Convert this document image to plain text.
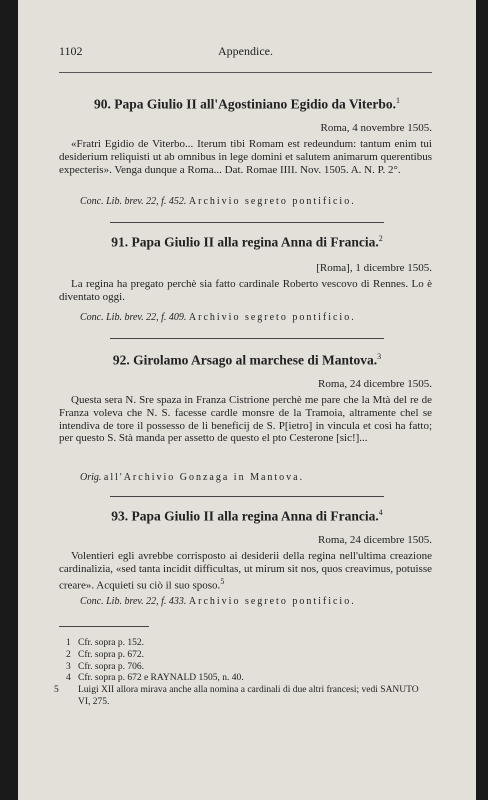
1102	Appendice.
90. Papa Giulio II all'Agostiniano Egidio da Viterbo.$^1$
Roma, 4 novembre 1505.

«Fratri Egidio de Viterbo... Iterum tibi Romam est redeundum: tantum enim tui desiderium reliquisti ut ab omnibus in lege domini et salutem animarum querentibus expecteris». Venga dunque a Roma... Dat. Romae IIII. Nov. 1505. A. N. P. 2°.

Conc. Lib. brev. 22, f. 452. Archivio segreto pontificio.
91. Papa Giulio II alla regina Anna di Francia.$^2$
[Roma], 1 dicembre 1505.

La regina ha pregato perchè sia fatto cardinale Roberto vescovo di Rennes. Lo è diventato oggi.

Conc. Lib. brev. 22, f. 409. Archivio segreto pontificio.
92. Girolamo Arsago al marchese di Mantova.$^3$
Roma, 24 dicembre 1505.

Questa sera N. Sre spaza in Franza Cistrione perchè me pare che la Mtà del re de Franza voleva che N. S. facesse cardle monsre de la Tramoia, altramente chel se intendiva de tore il possesso de li beneficij de S. P[ietro] in vincula et così ha fatto; per questo S. Stà manda per assetto de questo el pto Cesterone [sic!]...

Orig. all'Archivio Gonzaga in Mantova.
93. Papa Giulio II alla regina Anna di Francia.$^4$
Roma, 24 dicembre 1505.

Volentieri egli avrebbe corrisposto ai desiderii della regina nell'ultima creazione cardinalizia, «sed tanta incidit difficultas, ut mirum sit nos, quos creavimus, potuisse creare». Acquieti su ciò il suo sposo.$^5$

Conc. Lib. brev. 22, f. 433. Archivio segreto pontificio.
1 Cfr. sopra p. 152.
2 Cfr. sopra p. 672.
3 Cfr. sopra p. 706.
4 Cfr. sopra p. 672 e RAYNALD 1505, n. 40.
5 Luigi XII allora mirava anche alla nomina a cardinali di due altri francesi; vedi SANUTO VI, 275.
